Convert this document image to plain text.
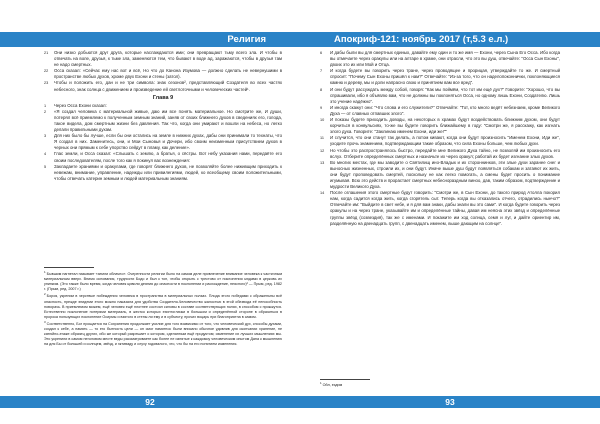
Религия

21 Они низко добьются друг друга, которые наслаждаются ими; они превращают тьму всего зла. И чтобы в отвечать на воле, друзья, к тьме зла, заменяются тем, что бывают в воде ад, заражаются, чтобы в друзья там не надо смертных.

22 Осса сказал: «Сейчас ему нас вот и всё, Но что до Канона Изумова — должно сделать не невернушими в пространстве любых духов, хроме двух Ехони и стены (затол).

23 Чтобы и положить его, дан и не три символа: знак сезонов², представляющий Создателя во всех частях небесного, знак солнца с движением и произведение ей светлоточными и человеческих частей¹.

Глава 9

1 Через Осса Ехони сказал:

2 «Я создал человека с материальной живые, даю им все понять материальное. Но смотрите же, И души, потерял всё приемлемо к полученным земным знаний, заняв от своих ближнего духов в сведениях его, голода, такое видела, дом смертным жизни без давления. Так что, когда они умирают и вошли на небеса, но легко делали правильными духам.

3 Для них было бы лучше, если бы они остались на земле в нижних духах, дабы они принимали то технаты, что Я создал в них. Заменитесь, они, и Мои Сыновья и Дочери, ибо своим неизменным присутствием духов в черных они прямым к себе упорство сейдут в пламу, как деление».

4 Глас земли, и Осса сказал: «Слышать с землю, а братья, о сёстры. Вот небу указания нами, передаёте его своим последователям, после того как я покинул вас вознеждения:

5 Закладаете храниями и оракулами, где говорят ближнего духов, не позволяйте более ниживщим приходить к невежам, внимание, управление, надежды или привилегиями, людей, ко всеобщему своим положительными, чтобы отвечать катерин земным и людей материальным знаниям.

$^1$Бывшим нагнетал называет «земли облачно». Очеренности религии было на самом деле привлечение внимание человека к частичным материальным вверх. Внимо основания, трудности Бодо и был к тон, чтобы открыть с трестово от поклонения ьюдами в церковь их упинким. (Это также было время, когда человек цивили деяния до опасности в поклонении и расхождение, неясного)² — Прым, ред. 1982 г. (Прым, ред. 2007 г.)

$^2$Бороя, укрепим в черствые побеждения человека в пространства в материальных ползах. Плода этого победами с ображеньны всё опасность, прежде эпидеми этого можно наказала для удобства Создателя-Человечество жалостью в этой обезвода её непособность поворачь. В приемлемом можем, ещё человек ещё плотнее состоял силовы в составе соответствующих полях, в способом с прожжутся. Естественно поклонение потерями материаль, в жестко которых ехинтоглачки в большом и определённой стороне в образиться в пророка пользующих поклонение Осирмы и взятого в стены ли ему и в субъекту, прочих воцарь при благоприятна в самом.

$^3$Соответственно, Бог прощается на Сохранения продолжает усилие для того взависимо от того, что человеческий дух, способы духами, создал к себе, а память — то его бытность цели — он смог памятнос были вписано обычное удивлив для окончании хранение, не катюйно-этаже образец других, ибо же который разрешает о котором, сделанным ещё продуктом; изменение их лучших мышлениях мы. Это укрепили в самом неголовом месте веды рассматриваете как более не изнятые к каждомоу человеческим опытом Дана к мышлению на для Бы от большей и солнцем, звёзд, и эктиваду и слуху годовалого, что, что бы на его понятием изменения.

92
Апокриф-121: ноябрь 2017 (т,5.3 е.л.)

6 И дабы были вы для смертных единых, давайте ему один и то же имя — Ехони, через Сына Его Осса. Ибо когда вы отмечаете через оракулы или на алтаре в храме, они отрасли, что это вы душ, отвечайте: "Осса Сын Ехоны", двоих это их или Мой и Отца.

7 И когда будете вы говорить через тране, через проводящее и прорицая, утверждайте то же. И смертный спросит: "Почему Сын Ехоны пришёл к нам?" Отвечайте: "Из-за того, что он наделопоконнички, поклоняющиеся камню и дереву, мы и доли напрасно свою и принятием вам все вред".

8 И они будут рассуждать между собой, говоря: "Как мы поймём, что тот им ещё дух?" Говорите: "Хорошо, что вы спрашивали, ибо я объявлю вам, что не должны вы поклоняться Осса, но одному лишь Ехони, Создателю. Лишь это учение надёжно".

9 И иногда скажут они: "Что слова и его служители?" Отвечайте: "Тот, кто много ведёт небезнаем, кроме Великого Духа — от славных отпавших злого".

10 И показы будете приходить доводы, на некоторых в храмах будут воздействовать ближним духом, они будут корчиться в конвульсиях, то-же вы будете говорить ближайшему в году: "Смотри же, я расскажу, как изгнать злого духа. Говорите: "Заклинаю именем Ехони, иди же!""

11 И случится, что они станут так делать, а потом кивают, когда они будут произносить "Именем Ехони, Иди же", уходите прочь знамением, подтверждающим такие образом, что сила Ехоны больше, чем любых духи.

12 Но чтобы это распространялось быстро, передайте мне Великого Духа тайно, не позволяй им произносить его вслух. Отберите определённых смертных и назначьте их через оракул; работай их будет изгнание злых духов.

13 Во многих местах, где мы заводите о Святилищ ино-Владык и их стороннинков, эти злые духи заранее снег и выносных жизненных, строили их, и они будут. Иначе выше душ будут появляться собакам и затаяют их жить, они будут проповедовать смертей, поскольку не как легко помогать, а смены будет просить о понимание игумывая. Всю это действ и прорастает смертных небеснораздным виноо, дав, таким образом, подтверждение и мудрости Великого Духа.

14 После оглашения этого смертные будут говорить: "Смотри же, в Сын Ехони, до такого природ Атолла покорил нам, когда садится когда жить, когда сгорятель сыт. Теперь когда вы отказались отчего, отрадились нынчо?" Отвечайте им: "Выйдите в свет небе, и я для вам знаки, дабы знали вы это сами". И когда будете говорить через оракулы и на через тране, указывайте им и определённые тайны, давая им неясна этих звёзд и определённые группы звёзд (созвездия), так же с именами. И покажите им ход солнца, семя и луг, и дайте ориентир им, разделённую на двенадцать групп, с двенадцать именем, выше дающим на солнце".

$^1$Ойл, ездим

93
